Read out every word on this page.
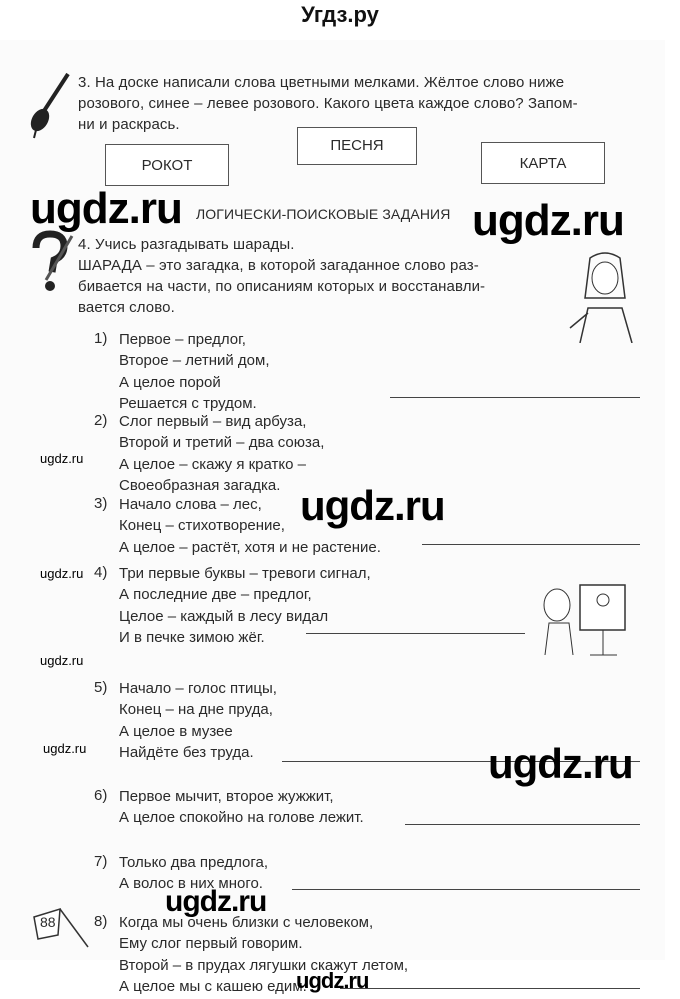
Угдз.ру
3. На доске написали слова цветными мелками. Жёлтое слово ниже
розового, синее – левее розового. Какого цвета каждое слово? Запом-
ни и раскрась.
РОКОТ
ПЕСНЯ
КАРТА
ЛОГИЧЕСКИ-ПОИСКОВЫЕ ЗАДАНИЯ
4. Учись разгадывать шарады.
ШАРАДА – это загадка, в которой загаданное слово раз-
бивается на части, по описаниям которых и восстанавли-
вается слово.
1) Первое – предлог,
Второе – летний дом,
А целое порой
Решается с трудом.
2) Слог первый – вид арбуза,
Второй и третий – два союза,
А целое – скажу я кратко –
Своеобразная загадка.
3) Начало слова – лес,
Конец – стихотворение,
А целое – растёт, хотя и не растение.
4) Три первые буквы – тревоги сигнал,
А последние две – предлог,
Целое – каждый в лесу видал
И в печке зимою жёг.
5) Начало – голос птицы,
Конец – на дне пруда,
А целое в музее
Найдёте без труда.
6) Первое мычит, второе жужжит,
А целое спокойно на голове лежит.
7) Только два предлога,
А волос в них много.
8) Когда мы очень близки с человеком,
Ему слог первый говорим.
Второй – в прудах лягушки скажут летом,
А целое мы с кашею едим.
88
ugdz.ru	ugdz.ru
ugdz.ru
ugdz.ru
ugdz.ru
ugdz.ru
ugdz.ru
ugdz.ru
ugdz.ru
ugdz.ru
